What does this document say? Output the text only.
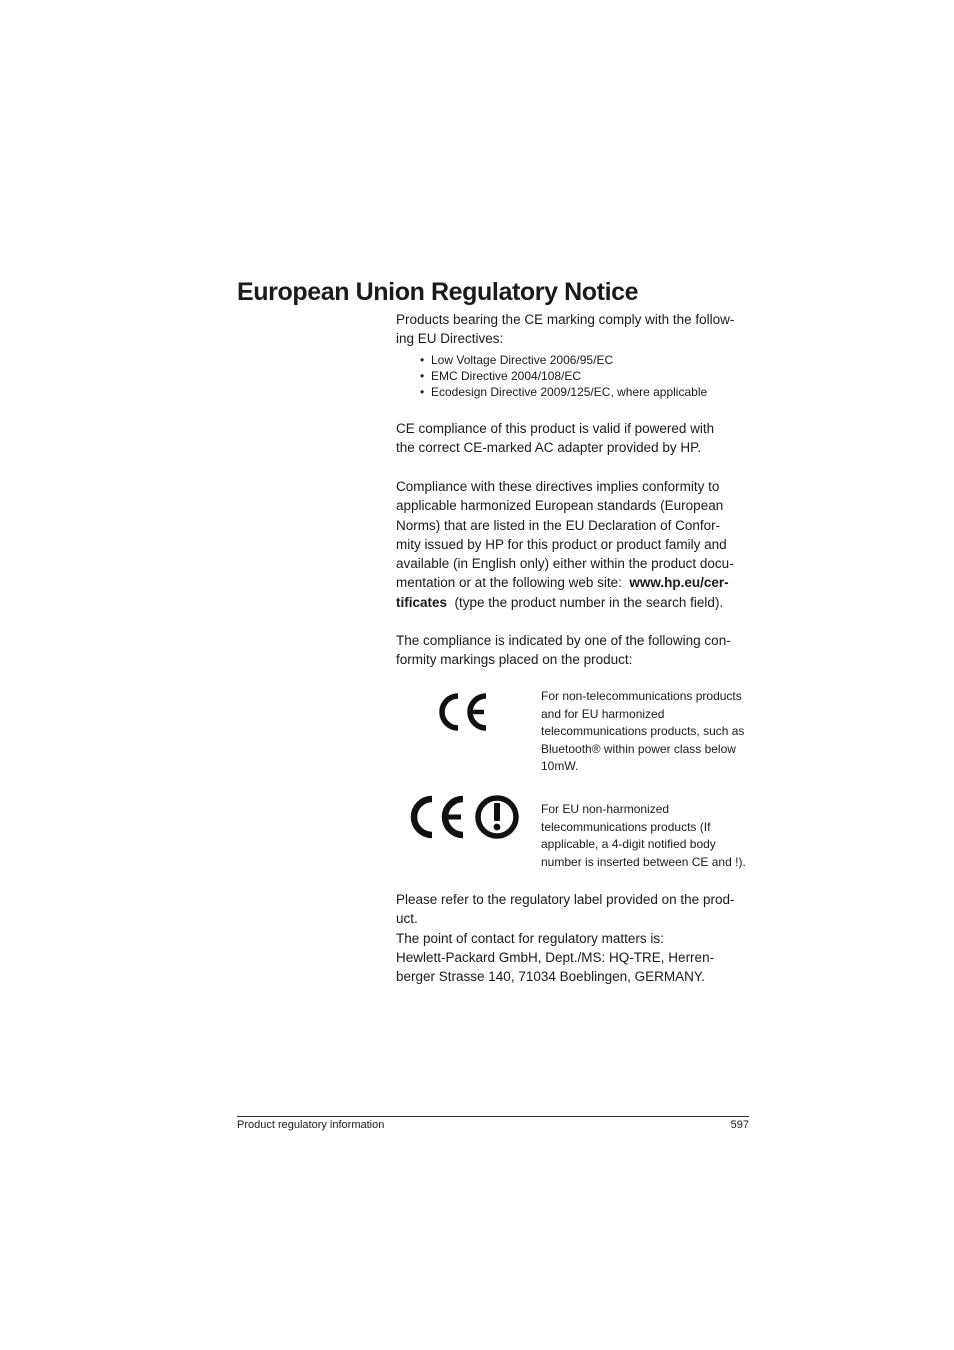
European Union Regulatory Notice
Products bearing the CE marking comply with the follow-
ing EU Directives:
• Low Voltage Directive 2006/95/EC
• EMC Directive 2004/108/EC
• Ecodesign Directive 2009/125/EC, where applicable
CE compliance of this product is valid if powered with
the correct CE-marked AC adapter provided by HP.
Compliance with these directives implies conformity to
applicable harmonized European standards (European
Norms) that are listed in the EU Declaration of Confor-
mity issued by HP for this product or product family and
available (in English only) either within the product docu-
mentation or at the following web site: www.hp.eu/cer-
tificates (type the product number in the search field).
The compliance is indicated by one of the following con-
formity markings placed on the product:
For non-telecommunications products
and for EU harmonized
telecommunications products, such as
Bluetooth® within power class below
10mW.
For EU non-harmonized
telecommunications products (If
applicable, a 4-digit notified body
number is inserted between CE and !).
Please refer to the regulatory label provided on the prod-
uct.
The point of contact for regulatory matters is:
Hewlett-Packard GmbH, Dept./MS: HQ-TRE, Herren-
berger Strasse 140, 71034 Boeblingen, GERMANY.
Product regulatory information	597
